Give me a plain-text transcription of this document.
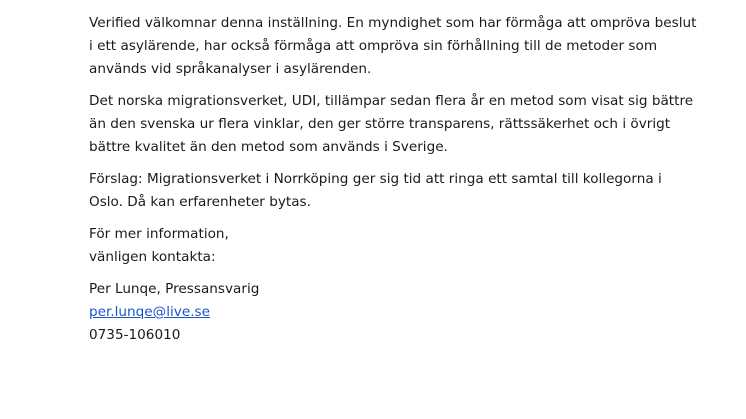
Verified välkomnar denna inställning. En myndighet som har förmåga att ompröva beslut
i ett asylärende, har också förmåga att ompröva sin förhållning till de metoder som
används vid språkanalyser i asylärenden.

Det norska migrationsverket, UDI, tillämpar sedan flera år en metod som visat sig bättre
än den svenska ur flera vinklar, den ger större transparens, rättssäkerhet och i övrigt
bättre kvalitet än den metod som används i Sverige.

Förslag: Migrationsverket i Norrköping ger sig tid att ringa ett samtal till kollegorna i
Oslo. Då kan erfarenheter bytas.

För mer information,
vänligen kontakta:

Per Lunqe, Pressansvarig
per.lunqe@live.se
0735-106010
